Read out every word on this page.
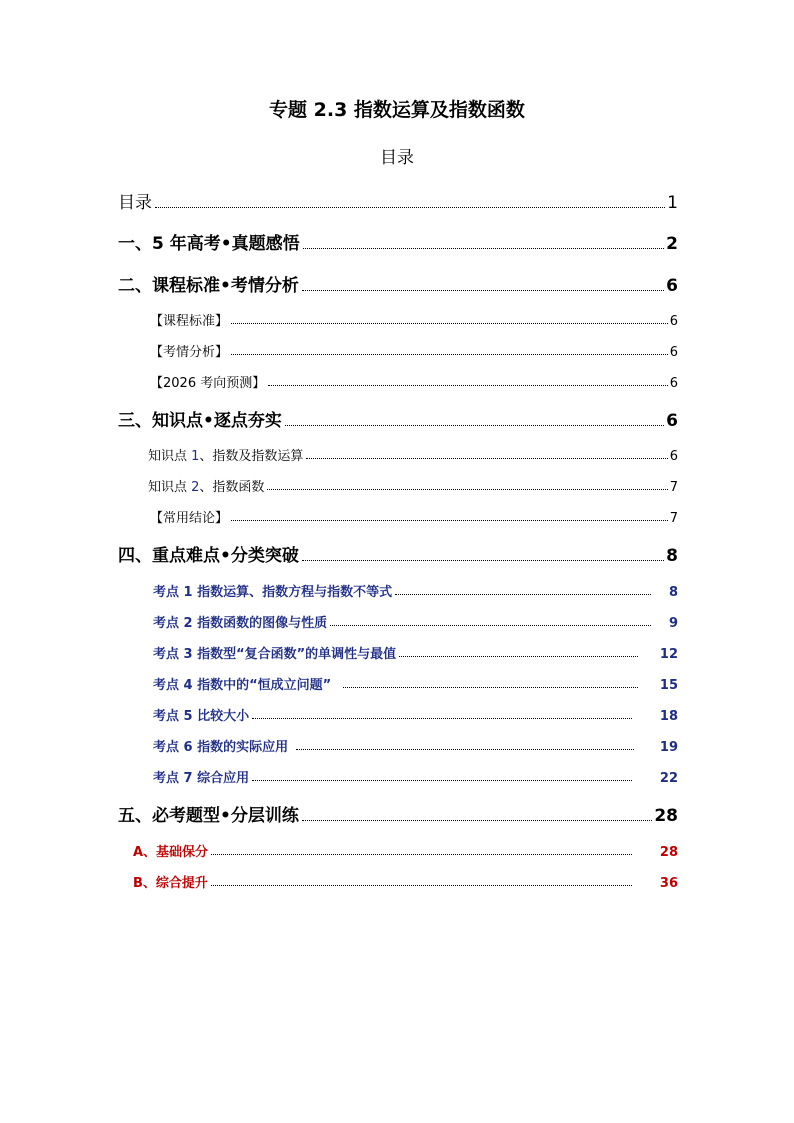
专题 2.3 指数运算及指数函数
目录
目录	1
一、5 年高考•真题感悟	2
二、课程标准•考情分析	6
【课程标准】	6
【考情分析】	6
【2026 考向预测】	6
三、知识点•逐点夯实	6
知识点 1、指数及指数运算	6
知识点 2、指数函数	7
【常用结论】	7
四、重点难点•分类突破	8
考点 1 指数运算、指数方程与指数不等式	8
考点 2 指数函数的图像与性质	9
考点 3 指数型“复合函数”的单调性与最值	12
考点 4 指数中的“恒成立问题”	15
考点 5 比较大小	18
考点 6 指数的实际应用	19
考点 7 综合应用	22
五、必考题型•分层训练	28
A、基础保分	28
B、综合提升	36
